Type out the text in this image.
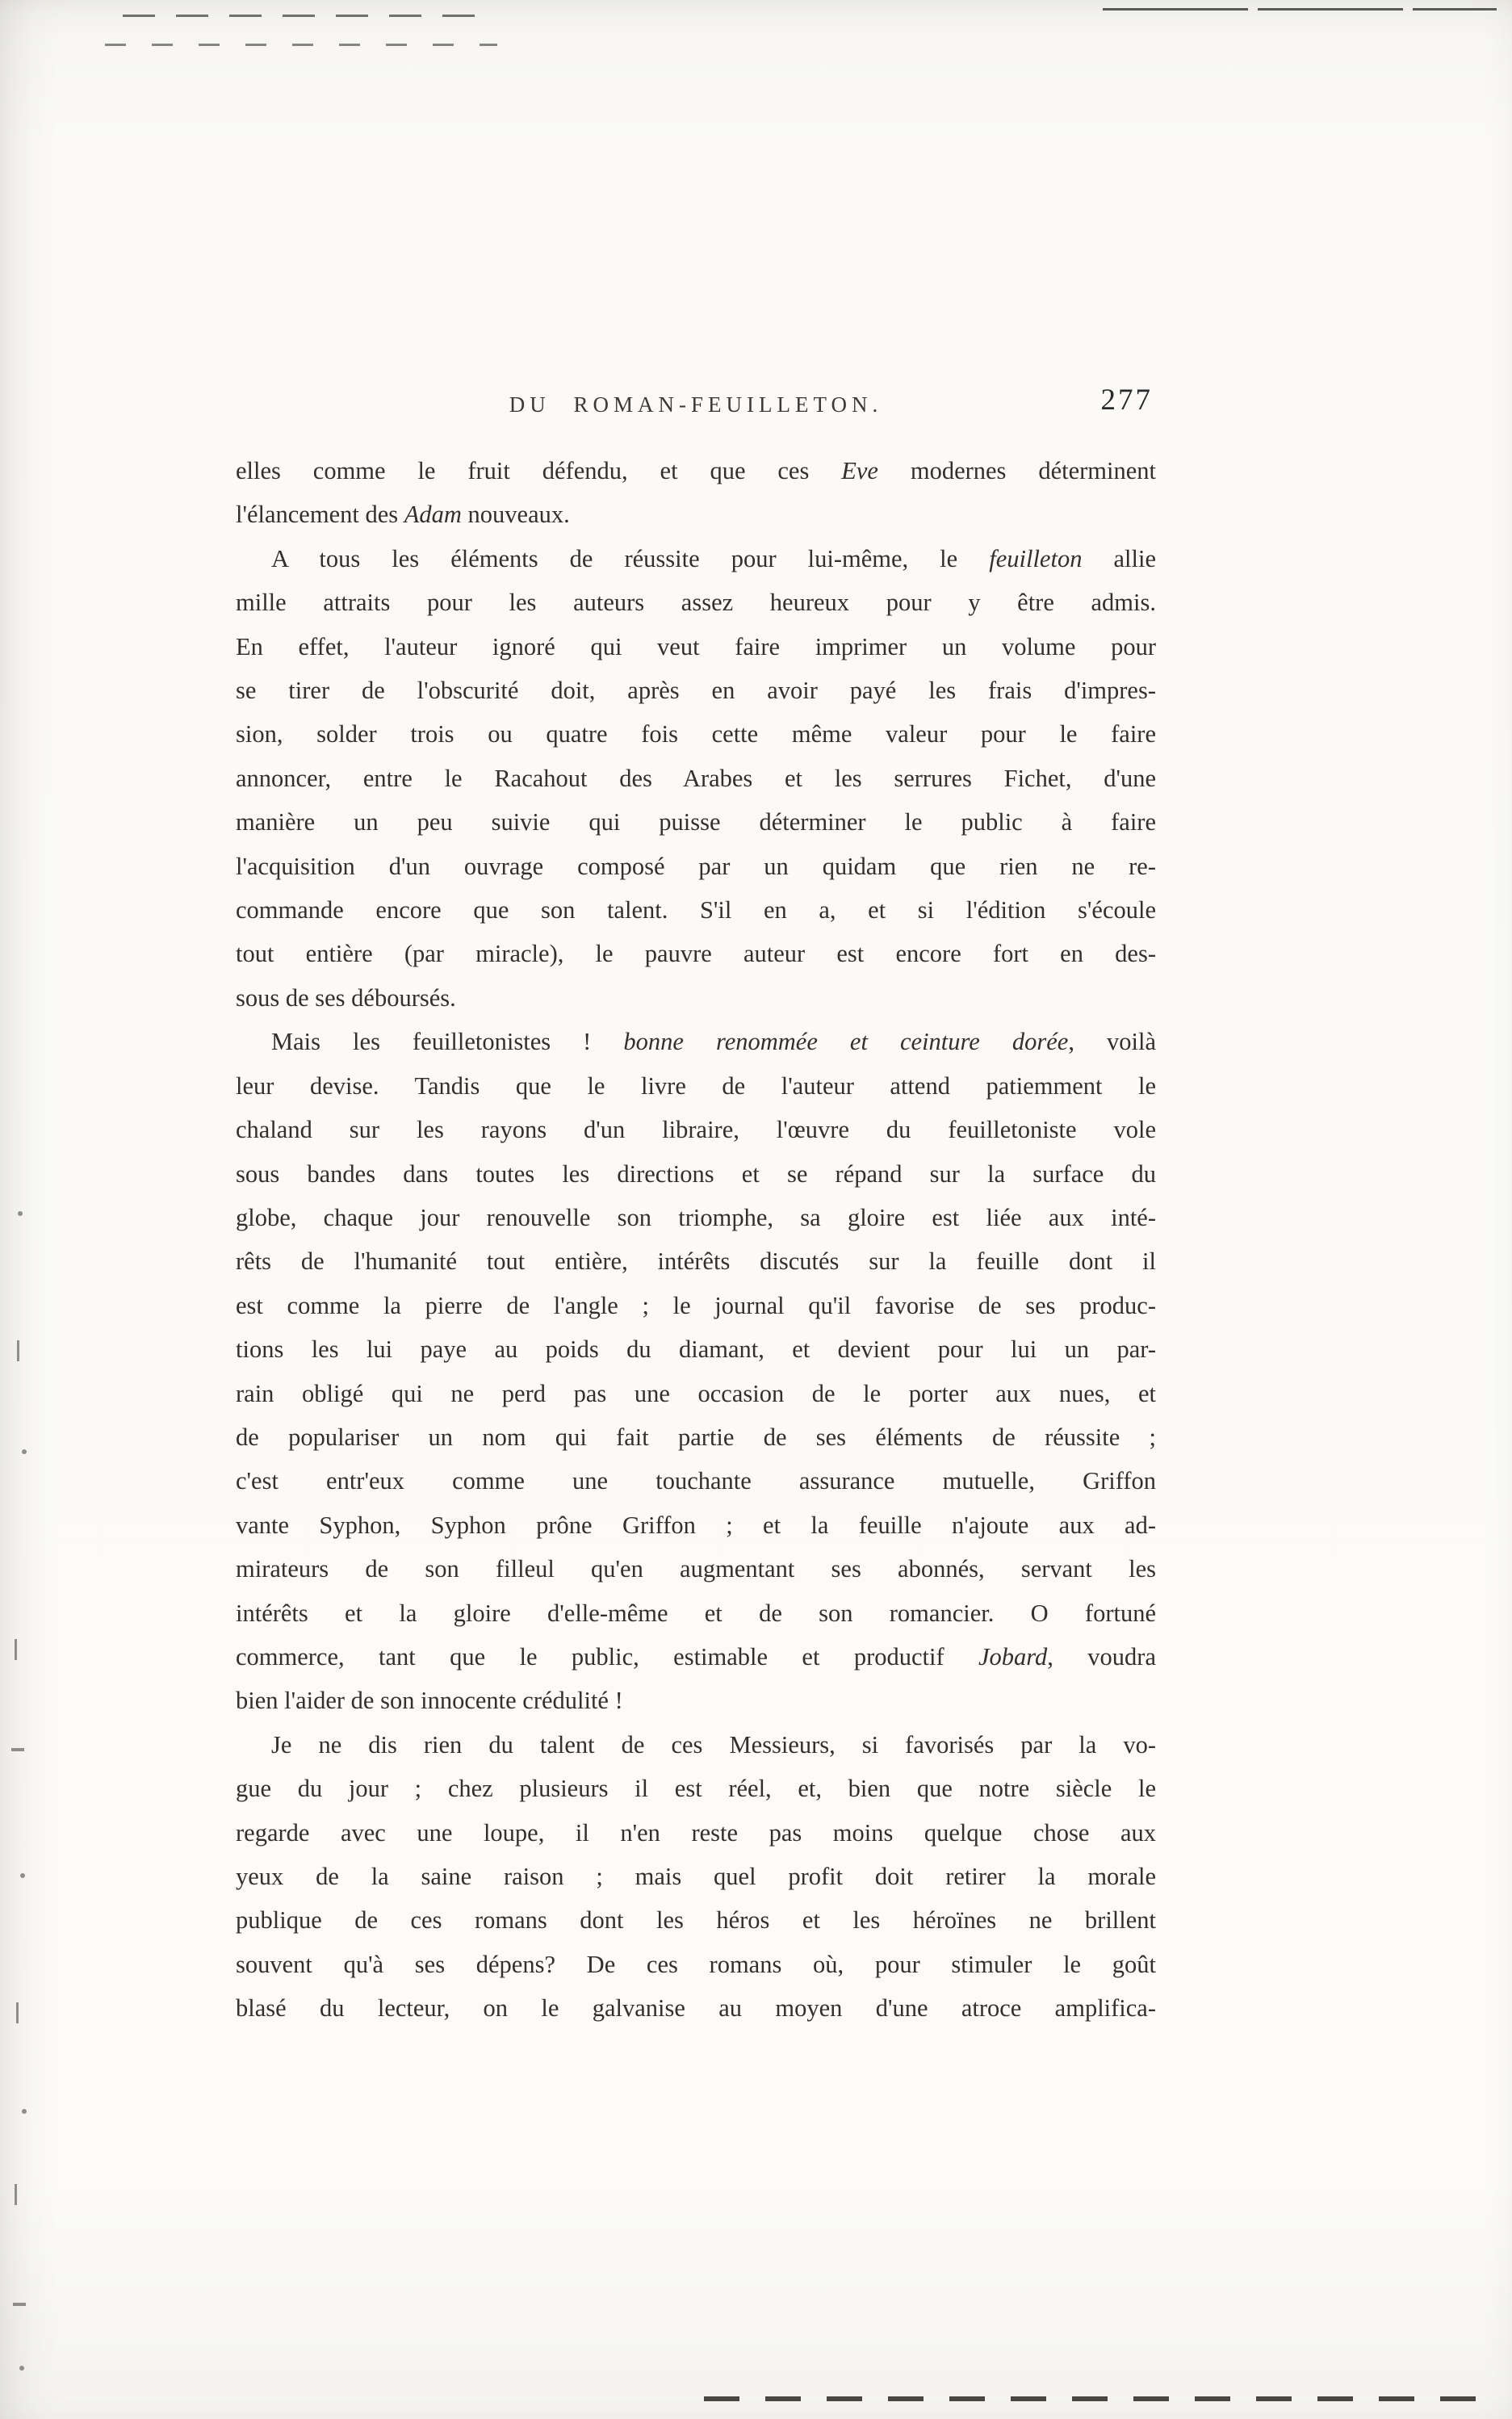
DU ROMAN-FEUILLETON.	277
elles comme le fruit défendu, et que ces Eve modernes déterminent
l'élancement des Adam nouveaux.
A tous les éléments de réussite pour lui-même, le feuilleton allie
mille attraits pour les auteurs assez heureux pour y être admis.
En effet, l'auteur ignoré qui veut faire imprimer un volume pour
se tirer de l'obscurité doit, après en avoir payé les frais d'impres-
sion, solder trois ou quatre fois cette même valeur pour le faire
annoncer, entre le Racahout des Arabes et les serrures Fichet, d'une
manière un peu suivie qui puisse déterminer le public à faire
l'acquisition d'un ouvrage composé par un quidam que rien ne re-
commande encore que son talent. S'il en a, et si l'édition s'écoule
tout entière (par miracle), le pauvre auteur est encore fort en des-
sous de ses déboursés.
Mais les feuilletonistes ! bonne renommée et ceinture dorée, voilà
leur devise. Tandis que le livre de l'auteur attend patiemment le
chaland sur les rayons d'un libraire, l'œuvre du feuilletoniste vole
sous bandes dans toutes les directions et se répand sur la surface du
globe, chaque jour renouvelle son triomphe, sa gloire est liée aux inté-
rêts de l'humanité tout entière, intérêts discutés sur la feuille dont il
est comme la pierre de l'angle ; le journal qu'il favorise de ses produc-
tions les lui paye au poids du diamant, et devient pour lui un par-
rain obligé qui ne perd pas une occasion de le porter aux nues, et
de populariser un nom qui fait partie de ses éléments de réussite ;
c'est entr'eux comme une touchante assurance mutuelle, Griffon
vante Syphon, Syphon prône Griffon ; et la feuille n'ajoute aux ad-
mirateurs de son filleul qu'en augmentant ses abonnés, servant les
intérêts et la gloire d'elle-même et de son romancier. O fortuné
commerce, tant que le public, estimable et productif Jobard, voudra
bien l'aider de son innocente crédulité !
Je ne dis rien du talent de ces Messieurs, si favorisés par la vo-
gue du jour ; chez plusieurs il est réel, et, bien que notre siècle le
regarde avec une loupe, il n'en reste pas moins quelque chose aux
yeux de la saine raison ; mais quel profit doit retirer la morale
publique de ces romans dont les héros et les héroïnes ne brillent
souvent qu'à ses dépens? De ces romans où, pour stimuler le goût
blasé du lecteur, on le galvanise au moyen d'une atroce amplifica-
